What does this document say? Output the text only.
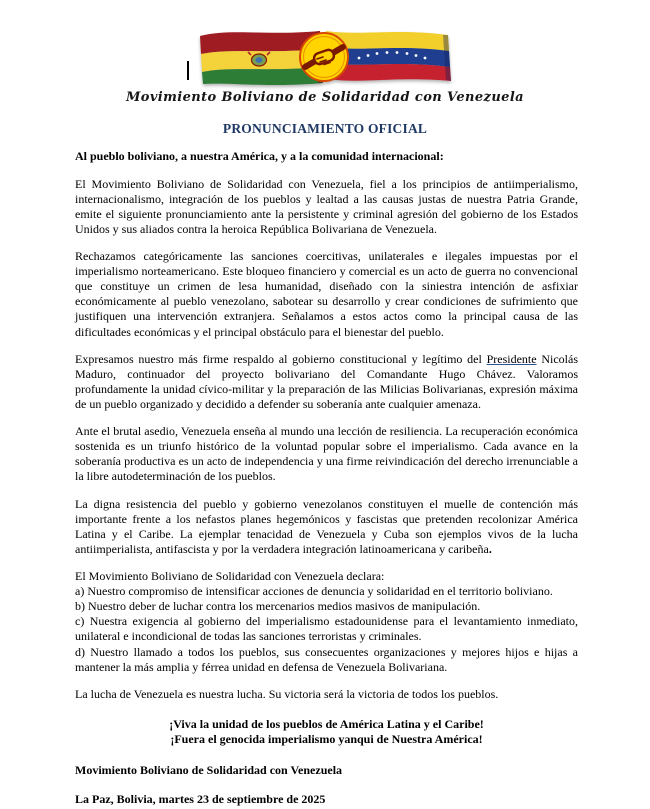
Movimiento Boliviano de Solidaridad con Venezuela
PRONUNCIAMIENTO OFICIAL
Al pueblo boliviano, a nuestra América, y a la comunidad internacional:
El Movimiento Boliviano de Solidaridad con Venezuela, fiel a los principios de antiimperialismo, internacionalismo, integración de los pueblos y lealtad a las causas justas de nuestra Patria Grande, emite el siguiente pronunciamiento ante la persistente y criminal agresión del gobierno de los Estados Unidos y sus aliados contra la heroica República Bolivariana de Venezuela.
Rechazamos categóricamente las sanciones coercitivas, unilaterales e ilegales impuestas por el imperialismo norteamericano. Este bloqueo financiero y comercial es un acto de guerra no convencional que constituye un crimen de lesa humanidad, diseñado con la siniestra intención de asfixiar económicamente al pueblo venezolano, sabotear su desarrollo y crear condiciones de sufrimiento que justifiquen una intervención extranjera. Señalamos a estos actos como la principal causa de las dificultades económicas y el principal obstáculo para el bienestar del pueblo.
Expresamos nuestro más firme respaldo al gobierno constitucional y legítimo del Presidente Nicolás Maduro, continuador del proyecto bolivariano del Comandante Hugo Chávez. Valoramos profundamente la unidad cívico-militar y la preparación de las Milicias Bolivarianas, expresión máxima de un pueblo organizado y decidido a defender su soberanía ante cualquier amenaza.
Ante el brutal asedio, Venezuela enseña al mundo una lección de resiliencia. La recuperación económica sostenida es un triunfo histórico de la voluntad popular sobre el imperialismo. Cada avance en la soberanía productiva es un acto de independencia y una firme reivindicación del derecho irrenunciable a la libre autodeterminación de los pueblos.
La digna resistencia del pueblo y gobierno venezolanos constituyen el muelle de contención más importante frente a los nefastos planes hegemónicos y fascistas que pretenden recolonizar América Latina y el Caribe. La ejemplar tenacidad de Venezuela y Cuba son ejemplos vivos de la lucha antiimperialista, antifascista y por la verdadera integración latinoamericana y caribeña.
El Movimiento Boliviano de Solidaridad con Venezuela declara:
a) Nuestro compromiso de intensificar acciones de denuncia y solidaridad en el territorio boliviano.
b) Nuestro deber de luchar contra los mercenarios medios masivos de manipulación.
c) Nuestra exigencia al gobierno del imperialismo estadounidense para el levantamiento inmediato, unilateral e incondicional de todas las sanciones terroristas y criminales.
d) Nuestro llamado a todos los pueblos, sus consecuentes organizaciones y mejores hijos e hijas a mantener la más amplia y férrea unidad en defensa de Venezuela Bolivariana.
La lucha de Venezuela es nuestra lucha. Su victoria será la victoria de todos los pueblos.
¡Viva la unidad de los pueblos de América Latina y el Caribe!
¡Fuera el genocida imperialismo yanqui de Nuestra América!
Movimiento Boliviano de Solidaridad con Venezuela
La Paz, Bolivia, martes 23 de septiembre de 2025
